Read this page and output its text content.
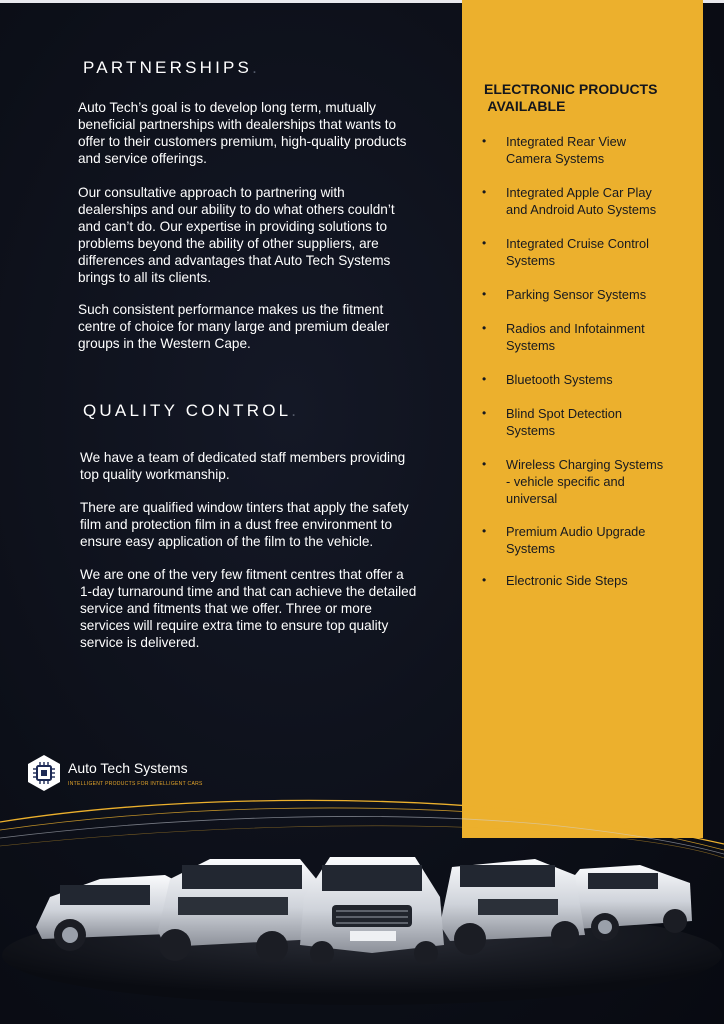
PARTNERSHIPS.

Auto Tech’s goal is to develop long term, mutually
beneficial partnerships with dealerships that wants to
offer to their customers premium, high-quality products
and service offerings.

Our consultative approach to partnering with
dealerships and our ability to do what others couldn’t
and can’t do. Our expertise in providing solutions to
problems beyond the ability of other suppliers, are
differences and advantages that Auto Tech Systems
brings to all its clients.

Such consistent performance makes us the fitment
centre of choice for many large and premium dealer
groups in the Western Cape.

QUALITY CONTROL.

We have a team of dedicated staff members providing
top quality workmanship.

There are qualified window tinters that apply the safety
film and protection film in a dust free environment to
ensure easy application of the film to the vehicle.

We are one of the very few fitment centres that offer a
1-day turnaround time and that can achieve the detailed
service and fitments that we offer. Three or more
services will require extra time to ensure top quality
service is delivered.

ELECTRONIC PRODUCTS
AVAILABLE
• Integrated Rear View
Camera Systems
• Integrated Apple Car Play
and Android Auto Systems
• Integrated Cruise Control
Systems
• Parking Sensor Systems
• Radios and Infotainment
Systems
• Bluetooth Systems
• Blind Spot Detection
Systems
• Wireless Charging Systems
- vehicle specific and
universal
• Premium Audio Upgrade
Systems
• Electronic Side Steps
Auto Tech Systems
INTELLIGENT PRODUCTS FOR INTELLIGENT CARS
